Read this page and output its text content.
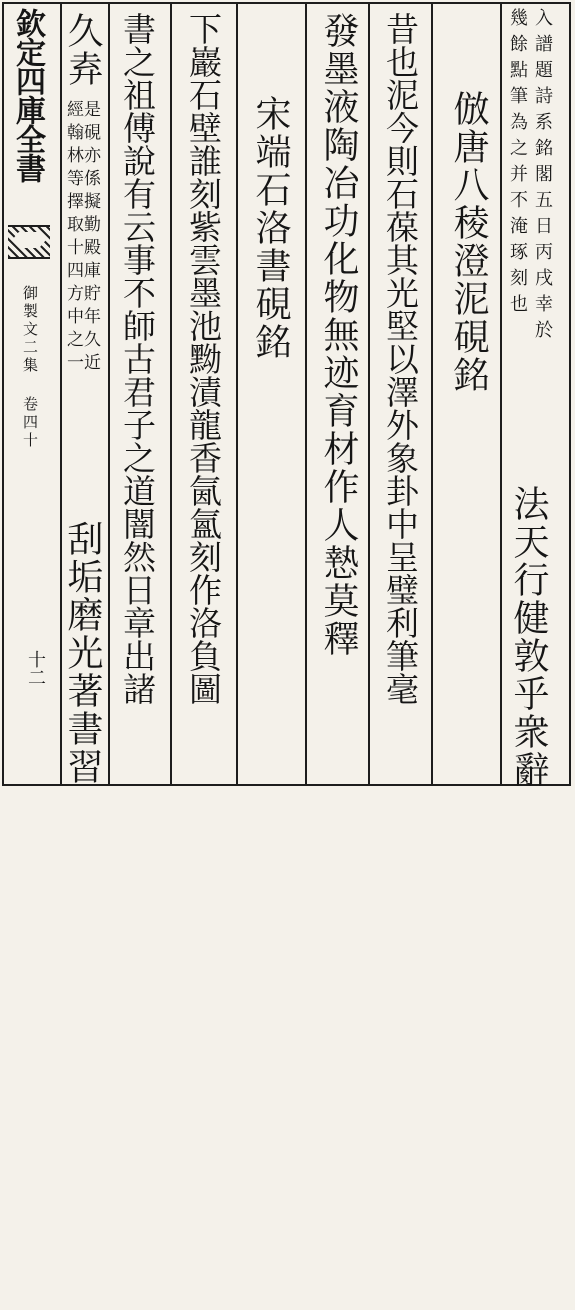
法天行健敦乎衆辭
入譜題詩系銘閣五日丙戌幸於
幾餘點筆為之并不淹琢刻也
倣唐八稜澄泥硯銘
昔也泥今則石葆其光堅以澤外象卦中呈璧利筆毫
發墨液陶冶功化物無迹育材作人慹莫釋
宋端石洛書硯銘
下巖石壁誰刻紫雲墨池黝漬龍香氤氳刻作洛負圖
書之祖傅說有云事不師古君子之道闇然日章出諸
久弆
是硯亦係擬勤殿庫貯年久近
經翰林等擇取十四方中之一
刮垢磨光著書習
欽定四庫全書
御製文二集 卷四十
十二
